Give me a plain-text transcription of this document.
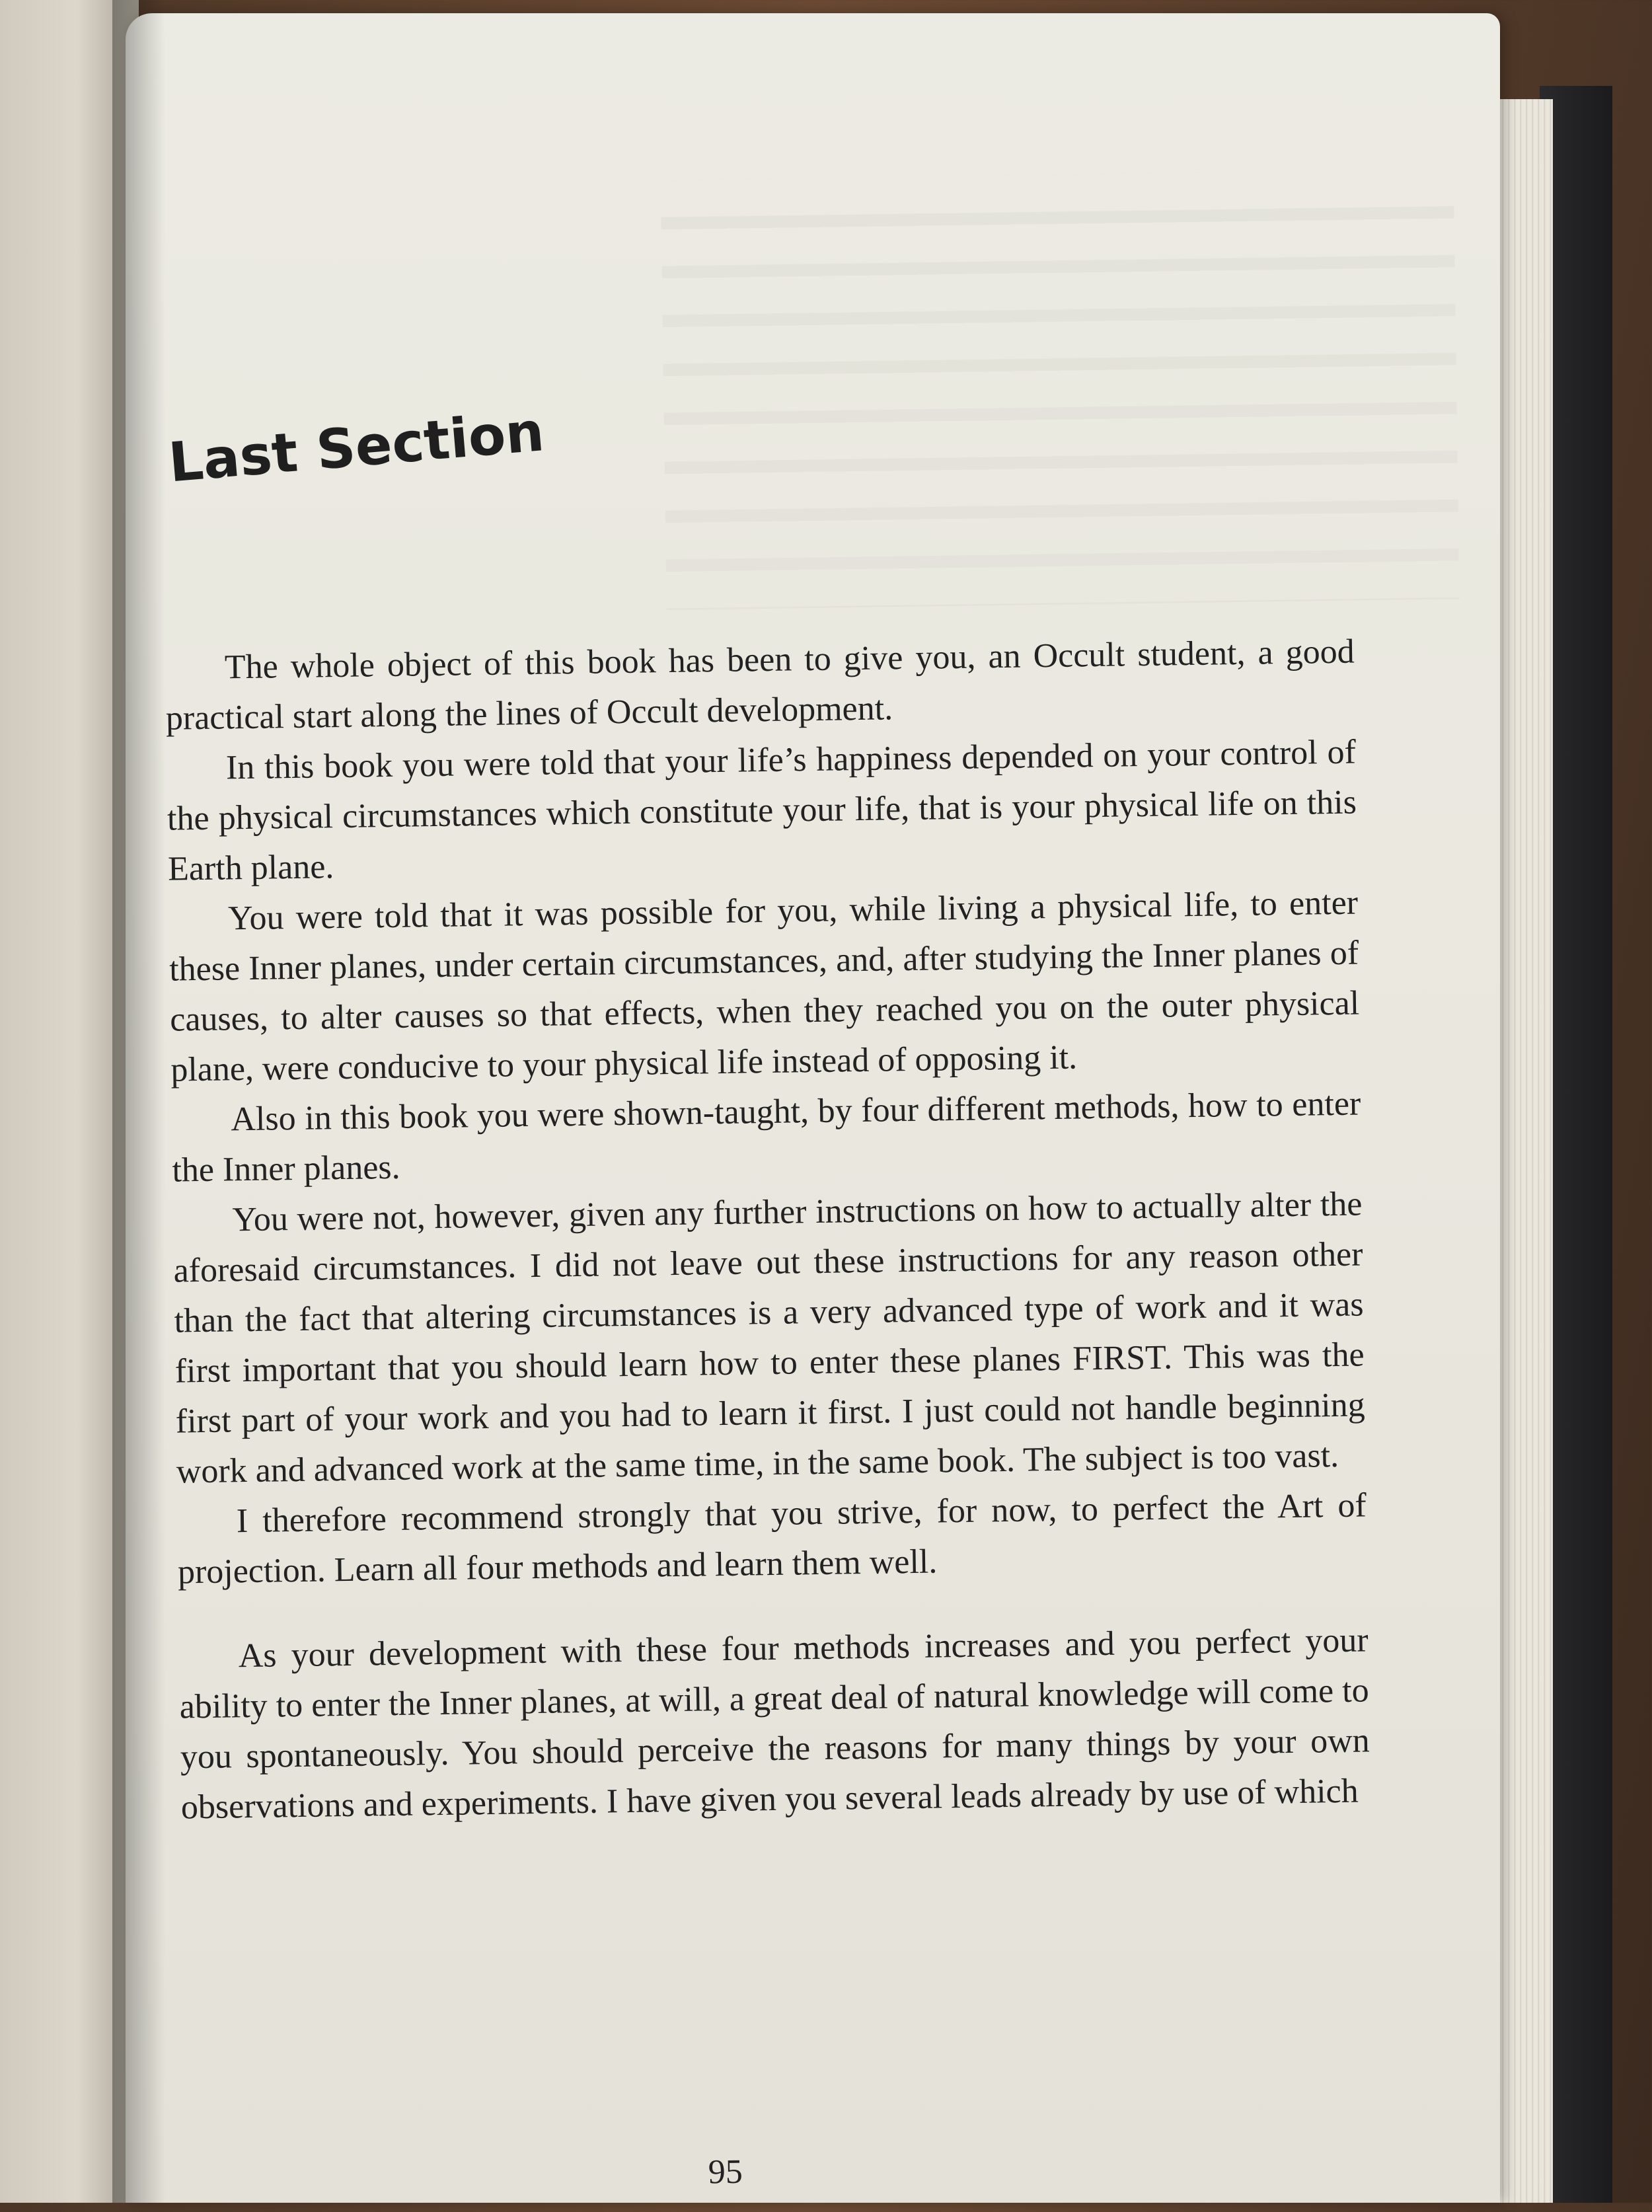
Last Section

The whole object of this book has been to give you, an Occult student, a good practical start along the lines of Occult development.

In this book you were told that your life’s happiness depended on your control of the physical circumstances which constitute your life, that is your physical life on this Earth plane.

You were told that it was possible for you, while living a physical life, to enter these Inner planes, under certain circumstances, and, after studying the Inner planes of causes, to alter causes so that effects, when they reached you on the outer physical plane, were conducive to your physical life instead of opposing it.

Also in this book you were shown-taught, by four different methods, how to enter the Inner planes.

You were not, however, given any further instructions on how to actually alter the aforesaid circumstances. I did not leave out these instructions for any reason other than the fact that altering circumstances is a very advanced type of work and it was first important that you should learn how to enter these planes FIRST. This was the first part of your work and you had to learn it first. I just could not handle beginning work and advanced work at the same time, in the same book. The subject is too vast.

I therefore recommend strongly that you strive, for now, to perfect the Art of projection. Learn all four methods and learn them well.

As your development with these four methods increases and you perfect your ability to enter the Inner planes, at will, a great deal of natural knowledge will come to you spontaneously. You should perceive the reasons for many things by your own observations and experiments. I have given you several leads already by use of which

95
